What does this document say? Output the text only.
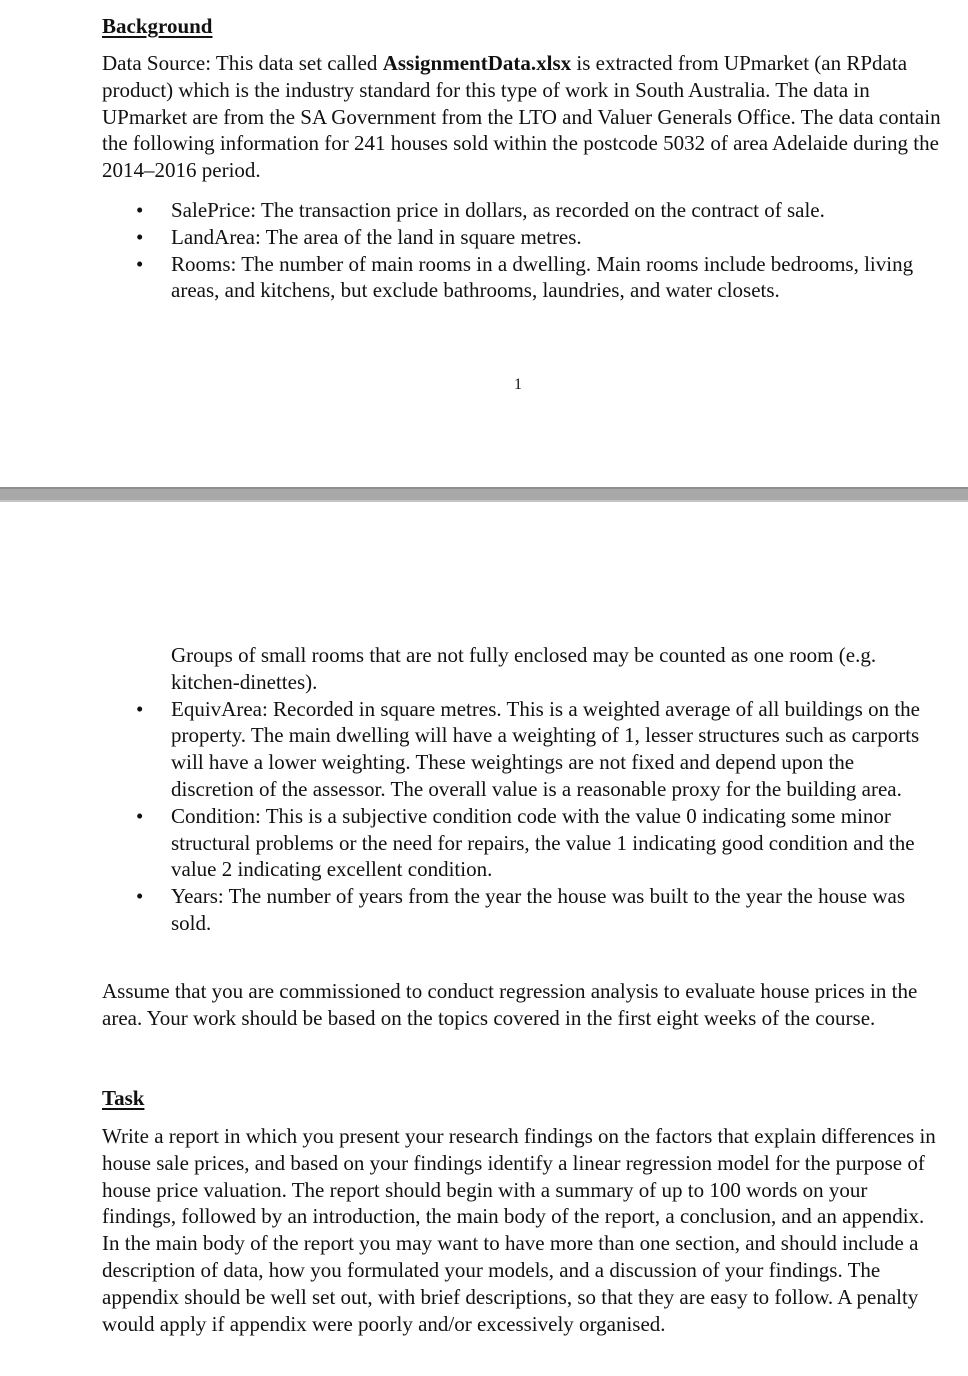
Background

Data Source: This data set called AssignmentData.xlsx is extracted from UPmarket (an RPdata product) which is the industry standard for this type of work in South Australia. The data in UPmarket are from the SA Government from the LTO and Valuer Generals Office. The data contain the following information for 241 houses sold within the postcode 5032 of area Adelaide during the 2014–2016 period.

• SalePrice: The transaction price in dollars, as recorded on the contract of sale.
• LandArea: The area of the land in square metres.
• Rooms: The number of main rooms in a dwelling. Main rooms include bedrooms, living areas, and kitchens, but exclude bathrooms, laundries, and water closets.

1

Groups of small rooms that are not fully enclosed may be counted as one room (e.g. kitchen-dinettes).
• EquivArea: Recorded in square metres. This is a weighted average of all buildings on the property. The main dwelling will have a weighting of 1, lesser structures such as carports will have a lower weighting. These weightings are not fixed and depend upon the discretion of the assessor. The overall value is a reasonable proxy for the building area.
• Condition: This is a subjective condition code with the value 0 indicating some minor structural problems or the need for repairs, the value 1 indicating good condition and the value 2 indicating excellent condition.
• Years: The number of years from the year the house was built to the year the house was sold.

Assume that you are commissioned to conduct regression analysis to evaluate house prices in the area. Your work should be based on the topics covered in the first eight weeks of the course.

Task

Write a report in which you present your research findings on the factors that explain differences in house sale prices, and based on your findings identify a linear regression model for the purpose of house price valuation. The report should begin with a summary of up to 100 words on your findings, followed by an introduction, the main body of the report, a conclusion, and an appendix. In the main body of the report you may want to have more than one section, and should include a description of data, how you formulated your models, and a discussion of your findings. The appendix should be well set out, with brief descriptions, so that they are easy to follow. A penalty would apply if appendix were poorly and/or excessively organised.
